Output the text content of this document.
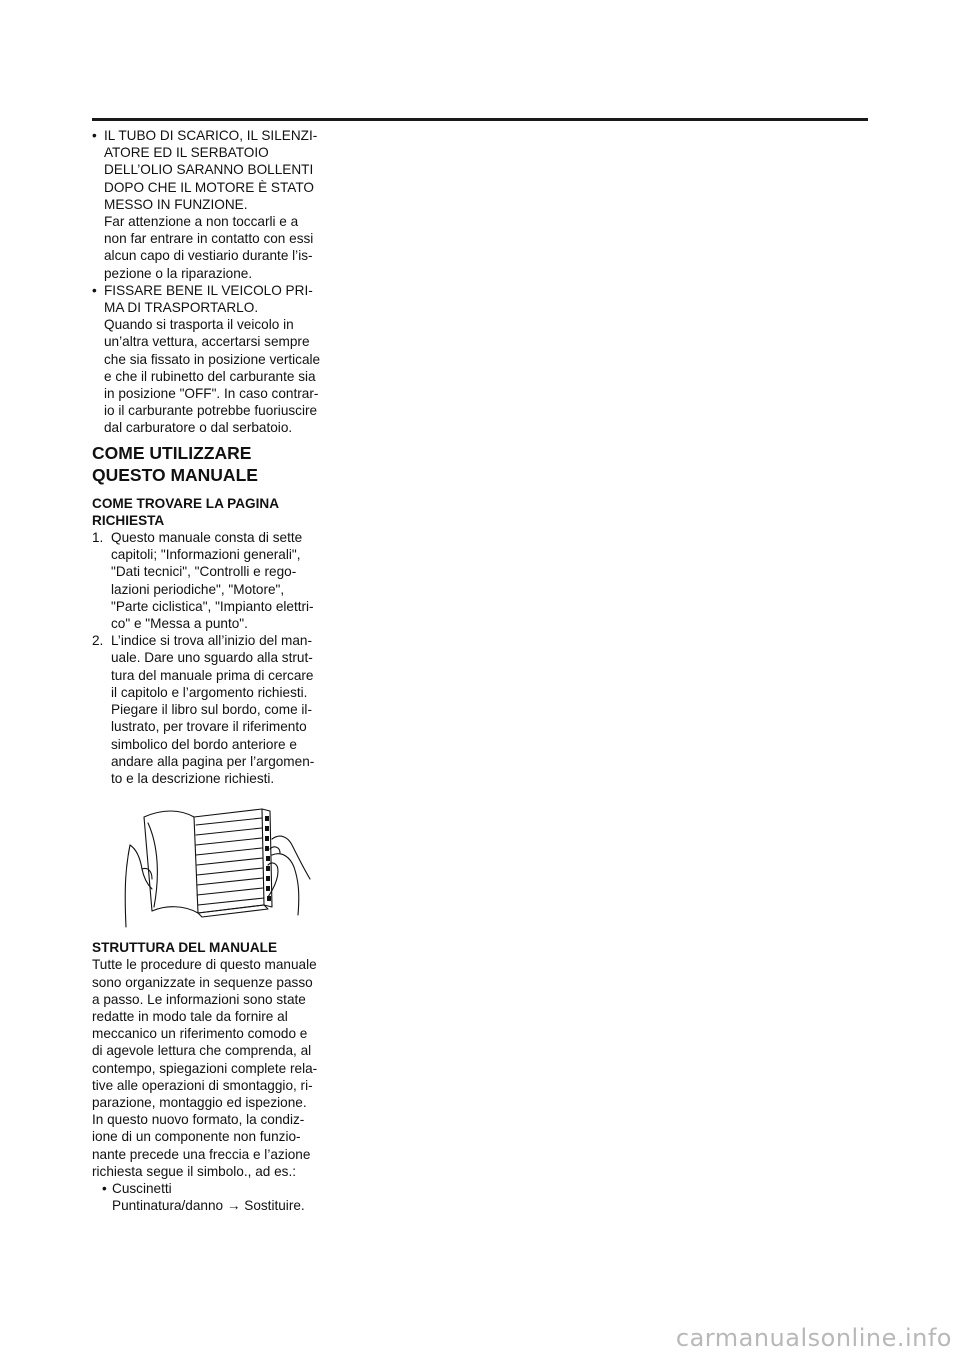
• IL TUBO DI SCARICO, IL SILENZI-
ATORE ED IL SERBATOIO
DELL’OLIO SARANNO BOLLENTI
DOPO CHE IL MOTORE È STATO
MESSO IN FUNZIONE.
Far attenzione a non toccarli e a
non far entrare in contatto con essi
alcun capo di vestiario durante l’is-
pezione o la riparazione.
• FISSARE BENE IL VEICOLO PRI-
MA DI TRASPORTARLO.
Quando si trasporta il veicolo in
un’altra vettura, accertarsi sempre
che sia fissato in posizione verticale
e che il rubinetto del carburante sia
in posizione "OFF". In caso contrar-
io il carburante potrebbe fuoriuscire
dal carburatore o dal serbatoio.
COME UTILIZZARE
QUESTO MANUALE
COME TROVARE LA PAGINA
RICHIESTA
1. Questo manuale consta di sette
capitoli; "Informazioni generali",
"Dati tecnici", "Controlli e rego-
lazioni periodiche", "Motore",
"Parte ciclistica", "Impianto elettri-
co" e "Messa a punto".
2. L’indice si trova all’inizio del man-
uale. Dare uno sguardo alla strut-
tura del manuale prima di cercare
il capitolo e l’argomento richiesti.
Piegare il libro sul bordo, come il-
lustrato, per trovare il riferimento
simbolico del bordo anteriore e
andare alla pagina per l’argomen-
to e la descrizione richiesti.
STRUTTURA DEL MANUALE
Tutte le procedure di questo manuale
sono organizzate in sequenze passo
a passo. Le informazioni sono state
redatte in modo tale da fornire al
meccanico un riferimento comodo e
di agevole lettura che comprenda, al
contempo, spiegazioni complete rela-
tive alle operazioni di smontaggio, ri-
parazione, montaggio ed ispezione.
In questo nuovo formato, la condiz-
ione di un componente non funzio-
nante precede una freccia e l’azione
richiesta segue il simbolo., ad es.:
• Cuscinetti
Puntinatura/danno → Sostituire.
carmanualsonline.info
